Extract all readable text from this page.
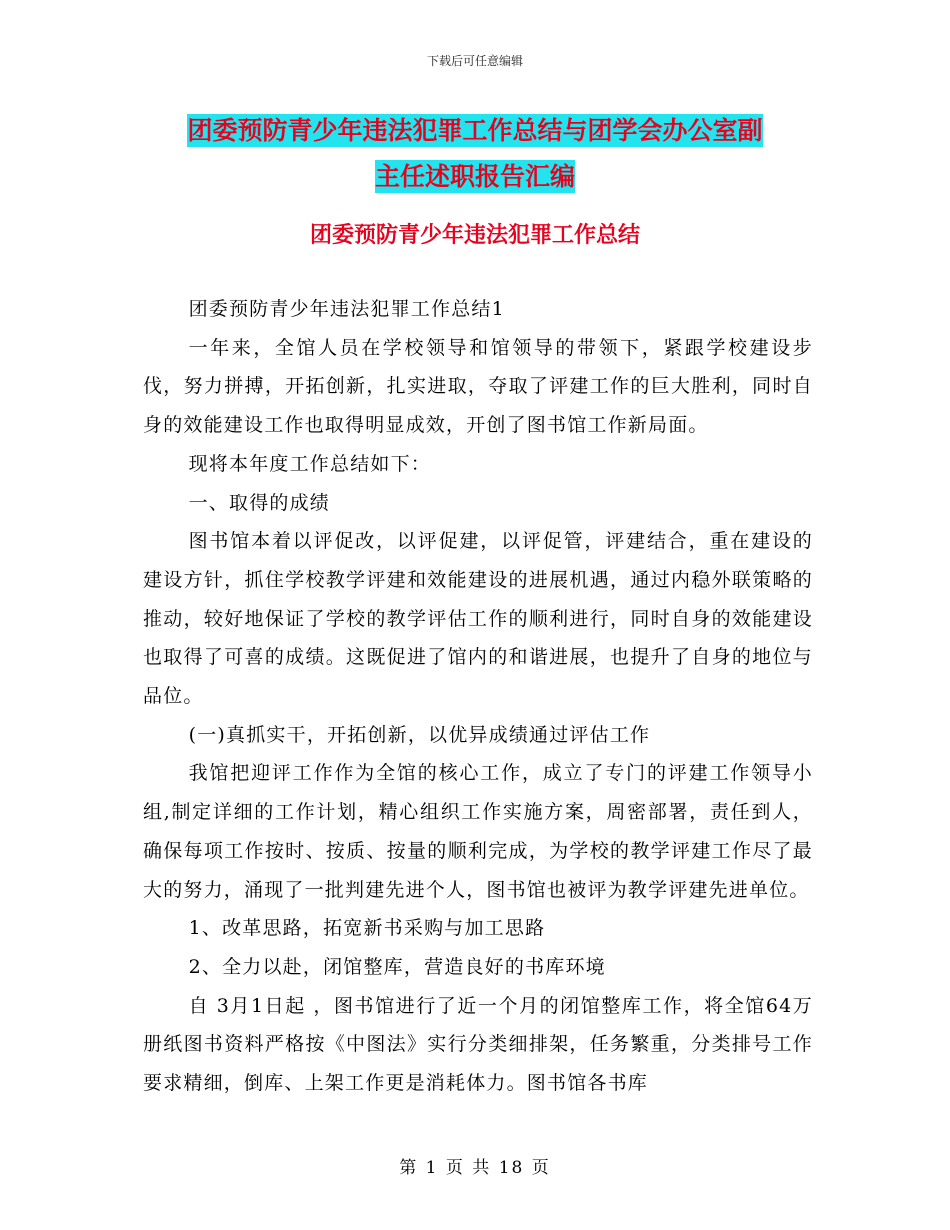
下载后可任意编辑
团委预防青少年违法犯罪工作总结与团学会办公室副
主任述职报告汇编
团委预防青少年违法犯罪工作总结

团委预防青少年违法犯罪工作总结1

一年来，全馆人员在学校领导和馆领导的带领下，紧跟学校建设步伐，努力拼搏，开拓创新，扎实进取，夺取了评建工作的巨大胜利，同时自身的效能建设工作也取得明显成效，开创了图书馆工作新局面。

现将本年度工作总结如下：

一、取得的成绩

图书馆本着以评促改，以评促建，以评促管，评建结合，重在建设的建设方针，抓住学校教学评建和效能建设的进展机遇，通过内稳外联策略的推动，较好地保证了学校的教学评估工作的顺利进行，同时自身的效能建设也取得了可喜的成绩。这既促进了馆内的和谐进展，也提升了自身的地位与品位。

(一)真抓实干，开拓创新，以优异成绩通过评估工作

我馆把迎评工作作为全馆的核心工作，成立了专门的评建工作领导小组,制定详细的工作计划，精心组织工作实施方案，周密部署，责任到人，确保每项工作按时、按质、按量的顺利完成，为学校的教学评建工作尽了最大的努力，涌现了一批判建先进个人，图书馆也被评为教学评建先进单位。

1、改革思路，拓宽新书采购与加工思路

2、全力以赴，闭馆整库，营造良好的书库环境

自 3月1日起 ，图书馆进行了近一个月的闭馆整库工作，将全馆64万册纸图书资料严格按《中图法》实行分类细排架，任务繁重，分类排号工作要求精细，倒库、上架工作更是消耗体力。图书馆各书库

第 1 页 共 18 页
